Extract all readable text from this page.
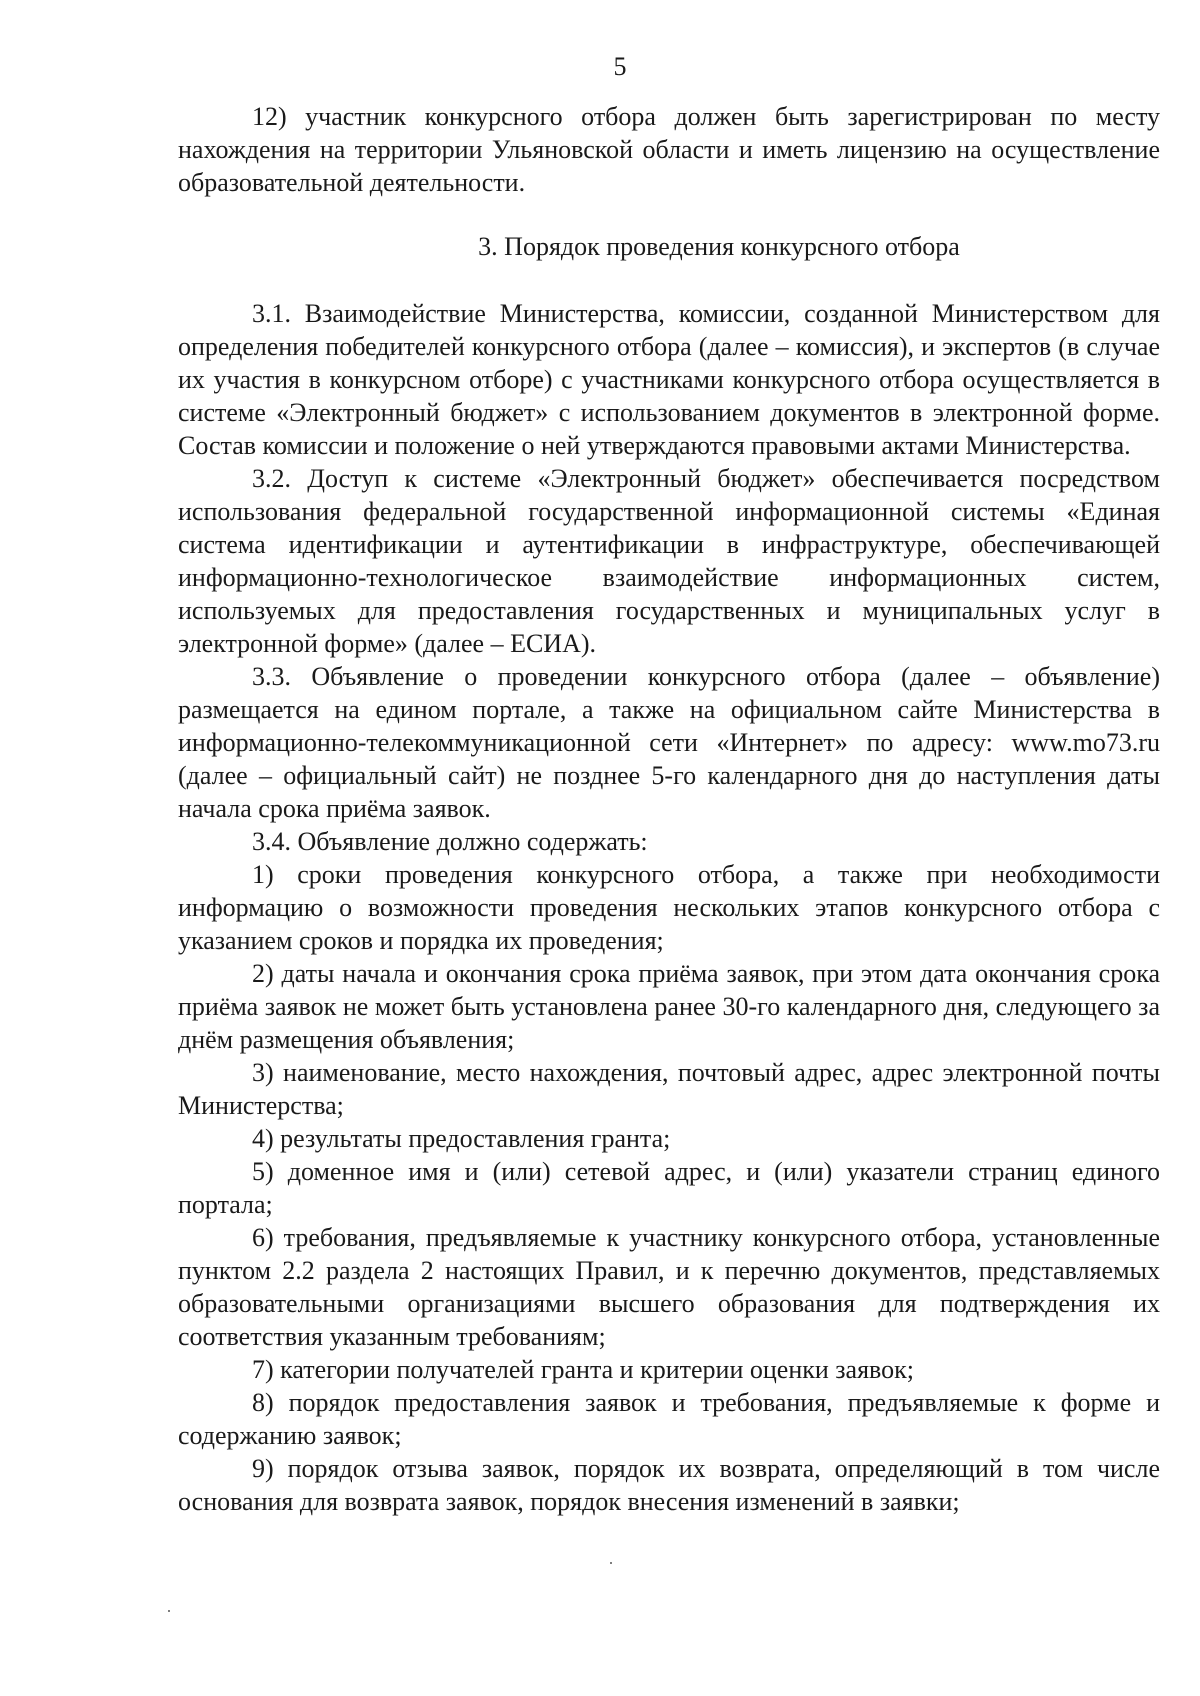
5

12) участник конкурсного отбора должен быть зарегистрирован по месту нахождения на территории Ульяновской области и иметь лицензию на осуществление образовательной деятельности.

3. Порядок проведения конкурсного отбора

3.1. Взаимодействие Министерства, комиссии, созданной Министерством для определения победителей конкурсного отбора (далее – комиссия), и экспертов (в случае их участия в конкурсном отборе) с участниками конкурсного отбора осуществляется в системе «Электронный бюджет» с использованием документов в электронной форме. Состав комиссии и положение о ней утверждаются правовыми актами Министерства.

3.2. Доступ к системе «Электронный бюджет» обеспечивается посредством использования федеральной государственной информационной системы «Единая система идентификации и аутентификации в инфраструктуре, обеспечивающей информационно-технологическое взаимодействие информационных систем, используемых для предоставления государственных и муниципальных услуг в электронной форме» (далее – ЕСИА).

3.3. Объявление о проведении конкурсного отбора (далее – объявление) размещается на едином портале, а также на официальном сайте Министерства в информационно-телекоммуникационной сети «Интернет» по адресу: www.mo73.ru (далее – официальный сайт) не позднее 5-го календарного дня до наступления даты начала срока приёма заявок.

3.4. Объявление должно содержать:

1) сроки проведения конкурсного отбора, а также при необходимости информацию о возможности проведения нескольких этапов конкурсного отбора с указанием сроков и порядка их проведения;

2) даты начала и окончания срока приёма заявок, при этом дата окончания срока приёма заявок не может быть установлена ранее 30-го календарного дня, следующего за днём размещения объявления;

3) наименование, место нахождения, почтовый адрес, адрес электронной почты Министерства;

4) результаты предоставления гранта;

5) доменное имя и (или) сетевой адрес, и (или) указатели страниц единого портала;

6) требования, предъявляемые к участнику конкурсного отбора, установленные пунктом 2.2 раздела 2 настоящих Правил, и к перечню документов, представляемых образовательными организациями высшего образования для подтверждения их соответствия указанным требованиям;

7) категории получателей гранта и критерии оценки заявок;

8) порядок предоставления заявок и требования, предъявляемые к форме и содержанию заявок;

9) порядок отзыва заявок, порядок их возврата, определяющий в том числе основания для возврата заявок, порядок внесения изменений в заявки;
